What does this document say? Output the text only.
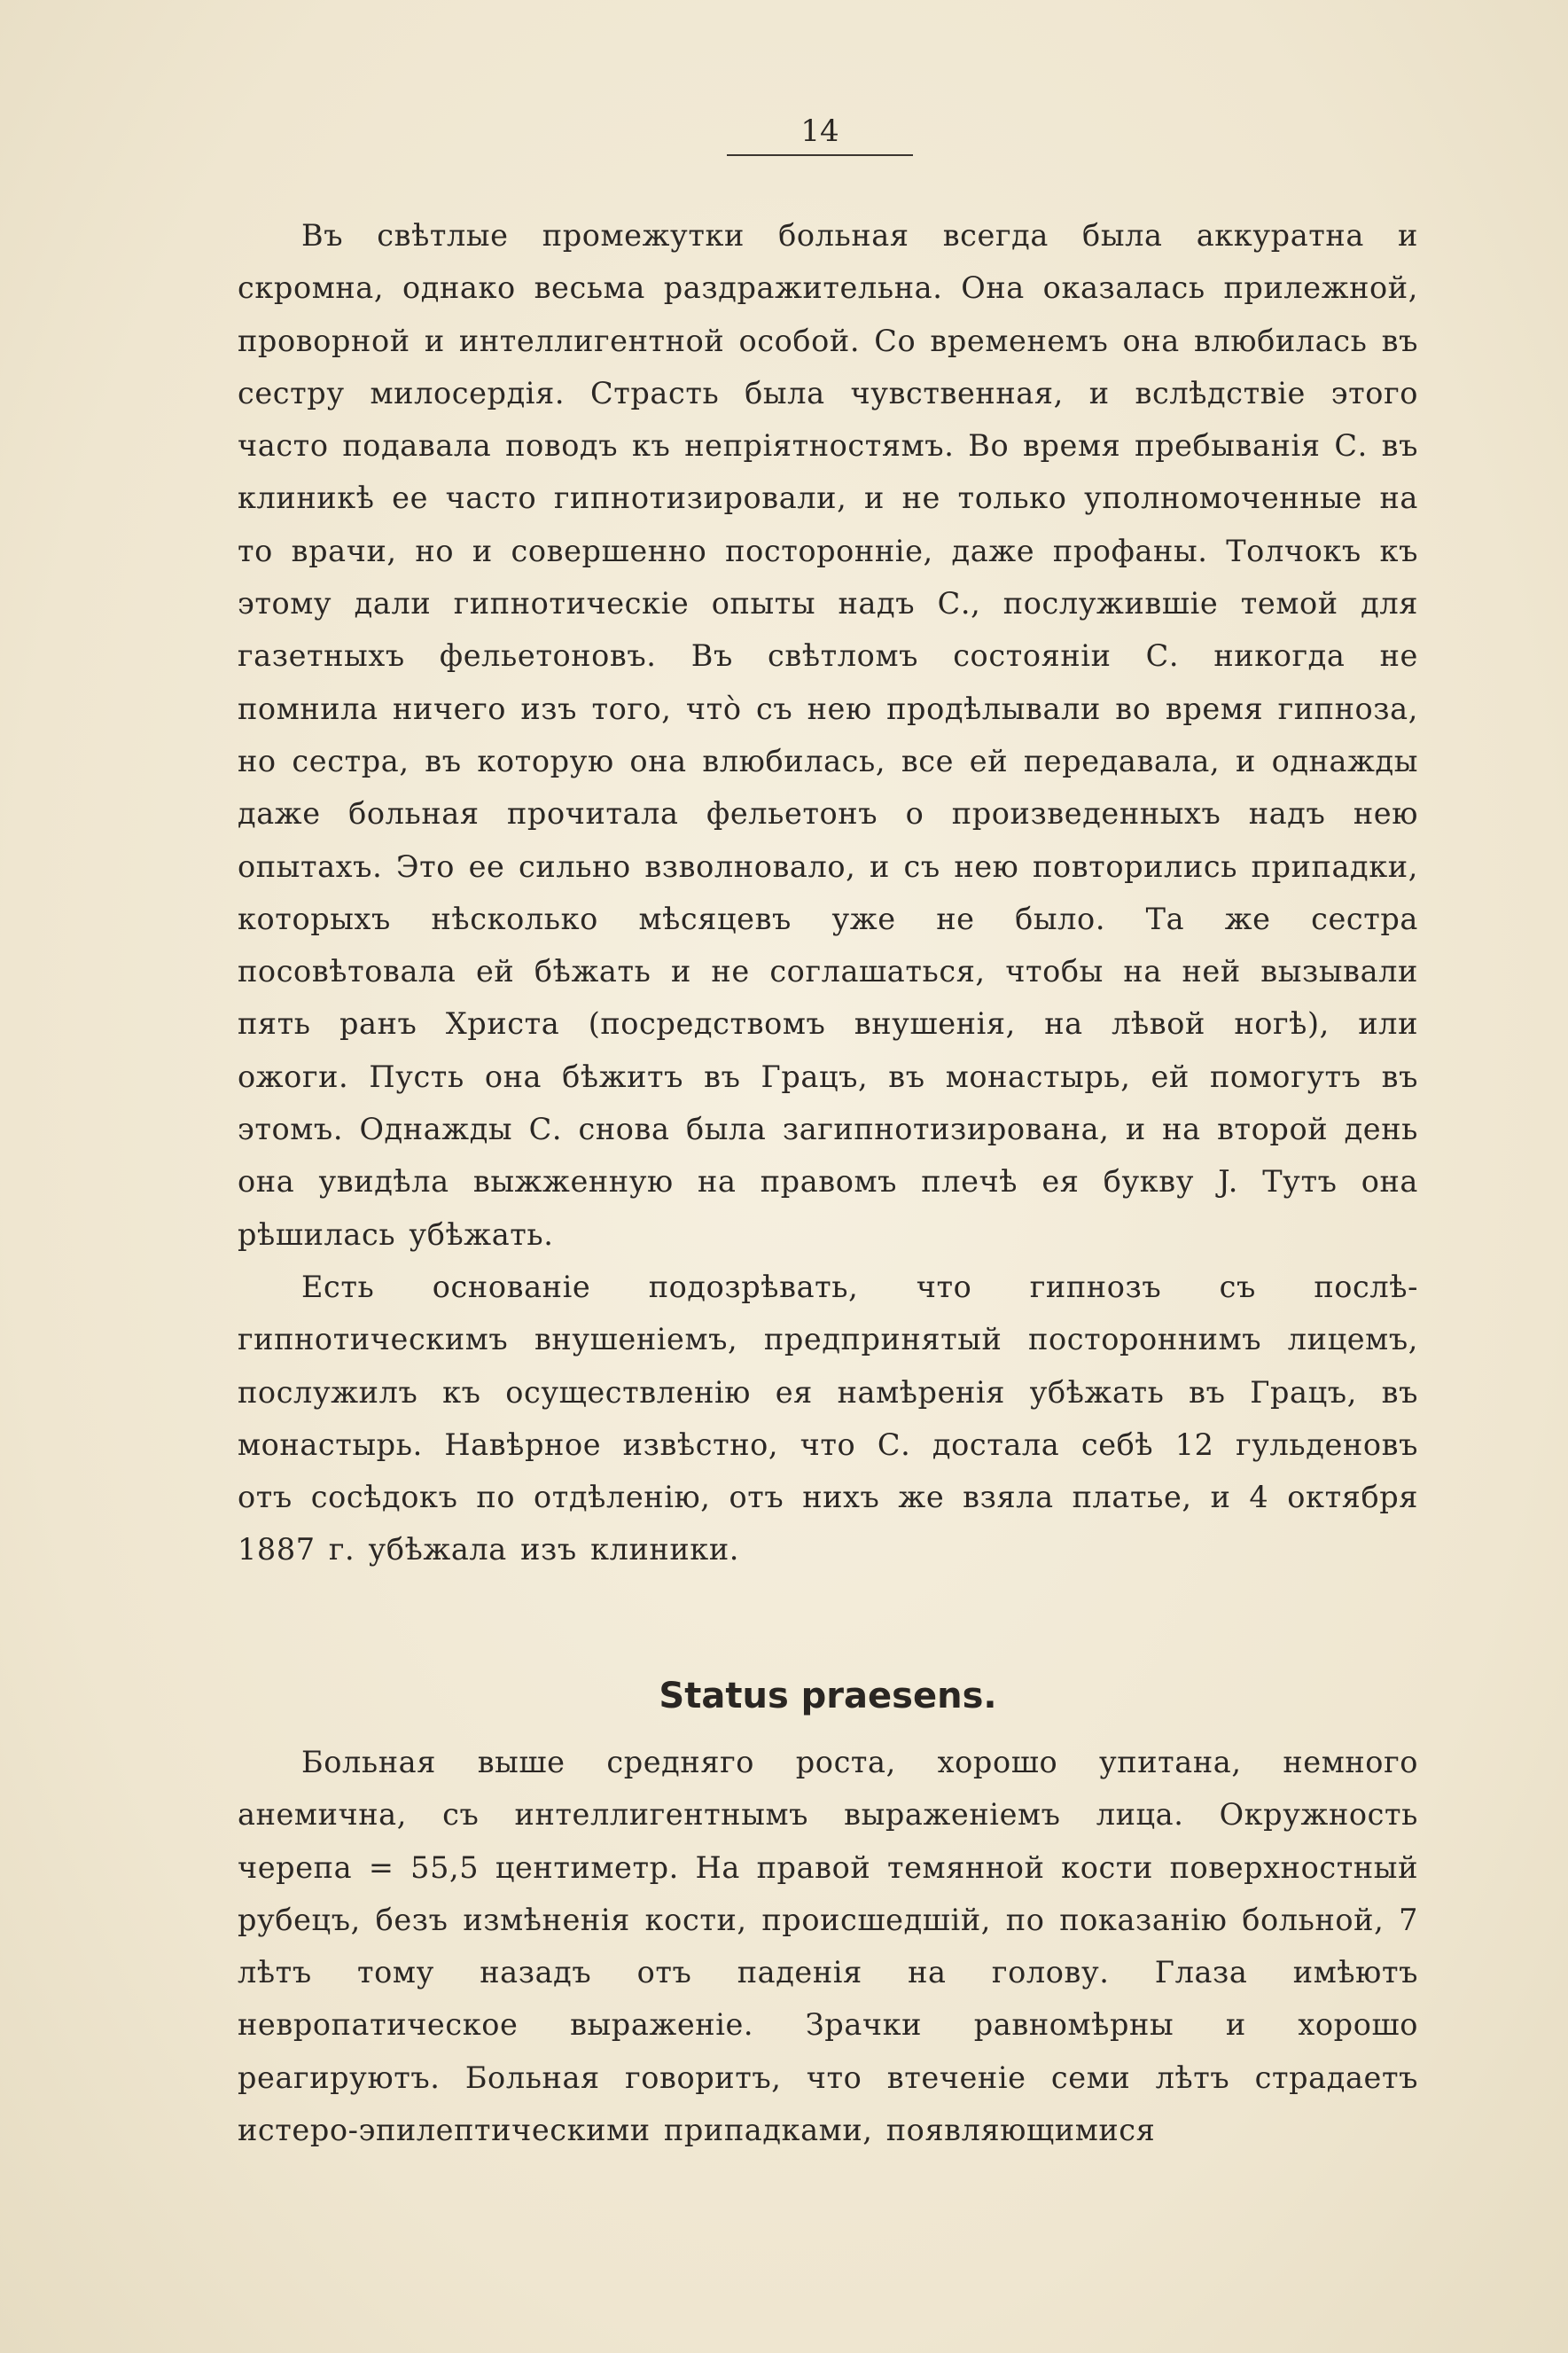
14

Въ свѣтлые промежутки больная всегда была аккуратна и скромна, однако весьма раздражительна. Она оказалась прилежной, проворной и интеллигентной особой. Со временемъ она влюбилась въ сестру милосердія. Страсть была чувственная, и вслѣдствіе этого часто подавала поводъ къ непріятностямъ. Во время пребыванія С. въ клиникѣ ее часто гипнотизировали, и не только уполномоченные на то врачи, но и совершенно посторонніе, даже профаны. Толчокъ къ этому дали гипнотическіе опыты надъ С., послужившіе темой для газетныхъ фельетоновъ. Въ свѣтломъ состояніи С. никогда не помнила ничего изъ того, что̀ съ нею продѣлывали во время гипноза, но сестра, въ которую она влюбилась, все ей передавала, и однажды даже больная прочитала фельетонъ о произведенныхъ надъ нею опытахъ. Это ее сильно взволновало, и съ нею повторились припадки, которыхъ нѣсколько мѣсяцевъ уже не было. Та же сестра посовѣтовала ей бѣжать и не соглашаться, чтобы на ней вызывали пять ранъ Христа (посредствомъ внушенія, на лѣвой ногѣ), или ожоги. Пусть она бѣжитъ въ Грацъ, въ монастырь, ей помогутъ въ этомъ. Однажды С. снова была загипнотизирована, и на второй день она увидѣла выжженную на правомъ плечѣ ея букву J. Тутъ она рѣшилась убѣжать.

Есть основаніе подозрѣвать, что гипнозъ съ послѣ-гипнотическимъ внушеніемъ, предпринятый постороннимъ лицемъ, послужилъ къ осуществленію ея намѣренія убѣжать въ Грацъ, въ монастырь. Навѣрное извѣстно, что С. достала себѣ 12 гульденовъ отъ сосѣдокъ по отдѣленію, отъ нихъ же взяла платье, и 4 октября 1887 г. убѣжала изъ клиники.

Status praesens.

Больная выше средняго роста, хорошо упитана, немного анемична, съ интеллигентнымъ выраженіемъ лица. Окружность черепа = 55,5 центиметр. На правой темянной кости поверхностный рубецъ, безъ измѣненія кости, происшедшій, по показанію больной, 7 лѣтъ тому назадъ отъ паденія на голову. Глаза имѣютъ невропатическое выраженіе. Зрачки равномѣрны и хорошо реагируютъ. Больная говоритъ, что втеченіе семи лѣтъ страдаетъ истеро-эпилептическими припадками, появляющимися
